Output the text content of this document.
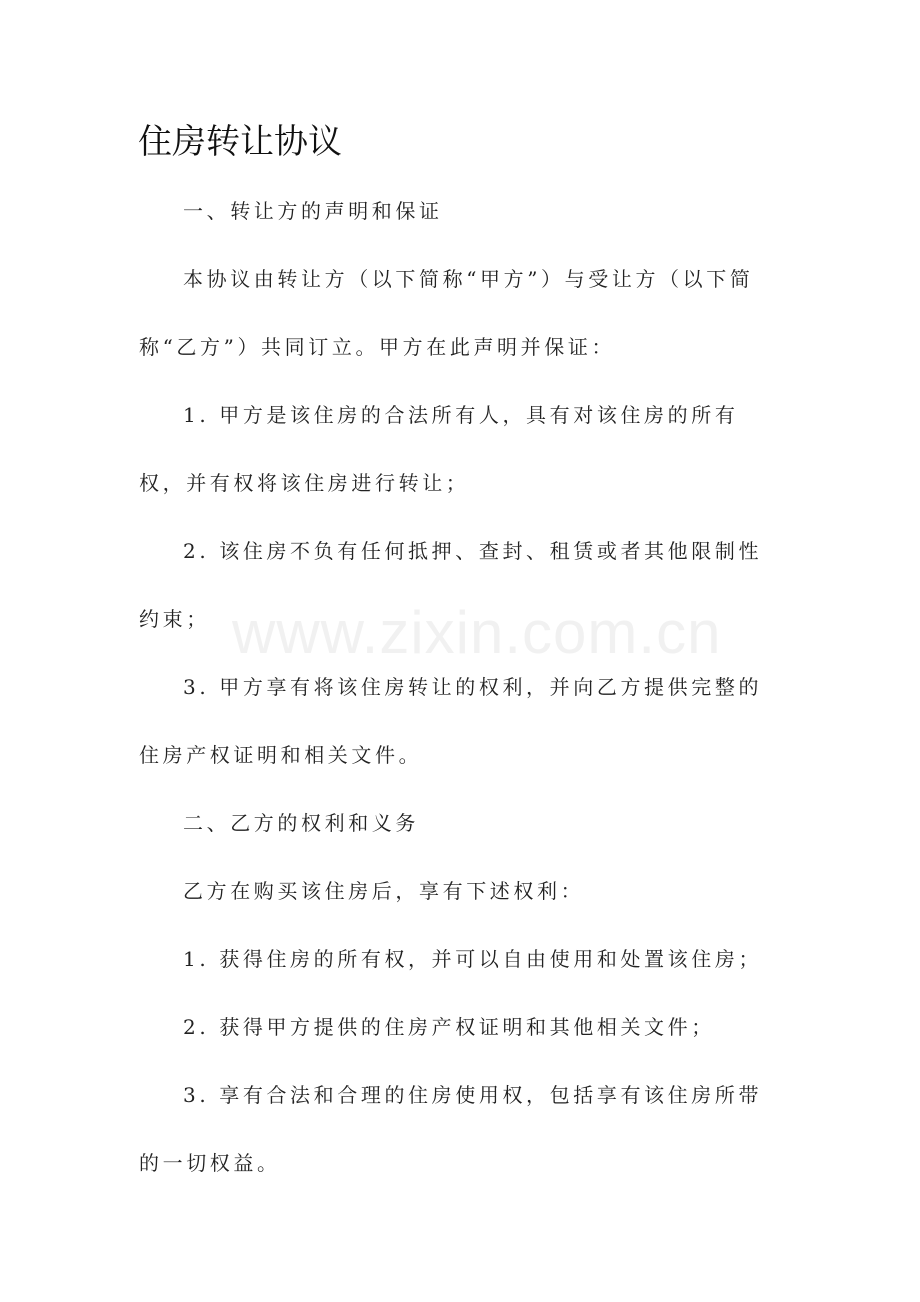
www.zixin.com.cn
住房转让协议

一、转让方的声明和保证

本协议由转让方（以下简称“甲方”）与受让方（以下简称“乙方”）共同订立。甲方在此声明并保证：

1. 甲方是该住房的合法所有人，具有对该住房的所有权，并有权将该住房进行转让；

2. 该住房不负有任何抵押、查封、租赁或者其他限制性约束；

3. 甲方享有将该住房转让的权利，并向乙方提供完整的住房产权证明和相关文件。

二、乙方的权利和义务

乙方在购买该住房后，享有下述权利：

1. 获得住房的所有权，并可以自由使用和处置该住房；

2. 获得甲方提供的住房产权证明和其他相关文件；

3. 享有合法和合理的住房使用权，包括享有该住房所带的一切权益。
